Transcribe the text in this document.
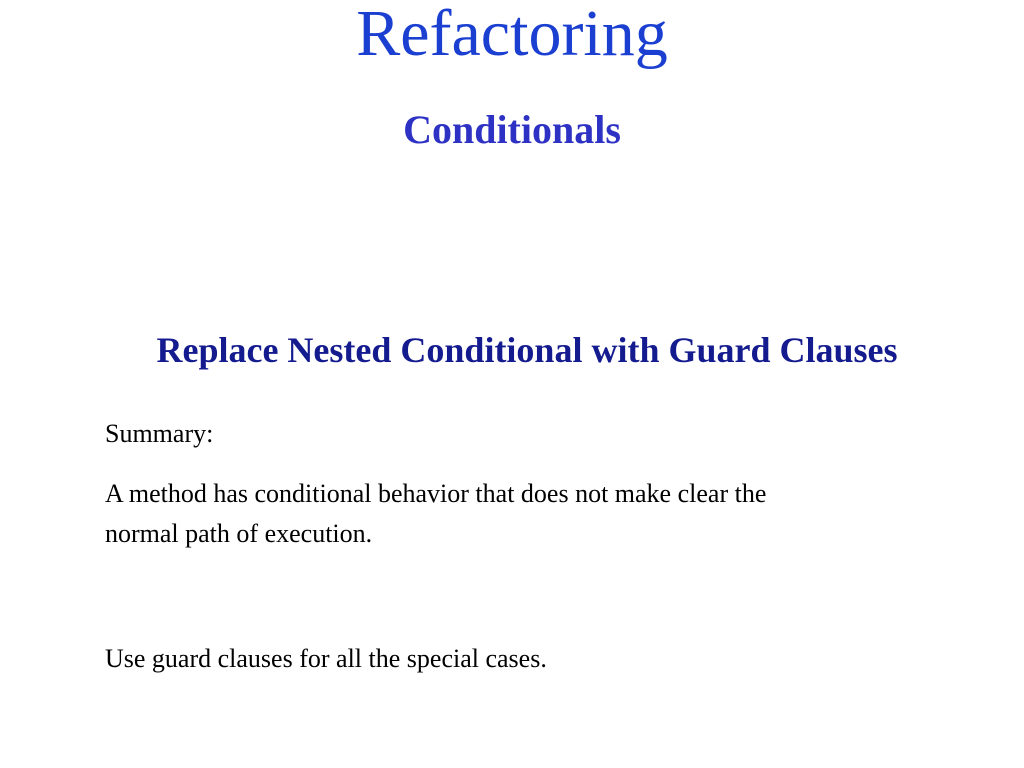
Refactoring
Conditionals
Replace Nested Conditional with Guard Clauses

Summary:

A method has conditional behavior that does not make clear the normal path of execution.

Use guard clauses for all the special cases.
